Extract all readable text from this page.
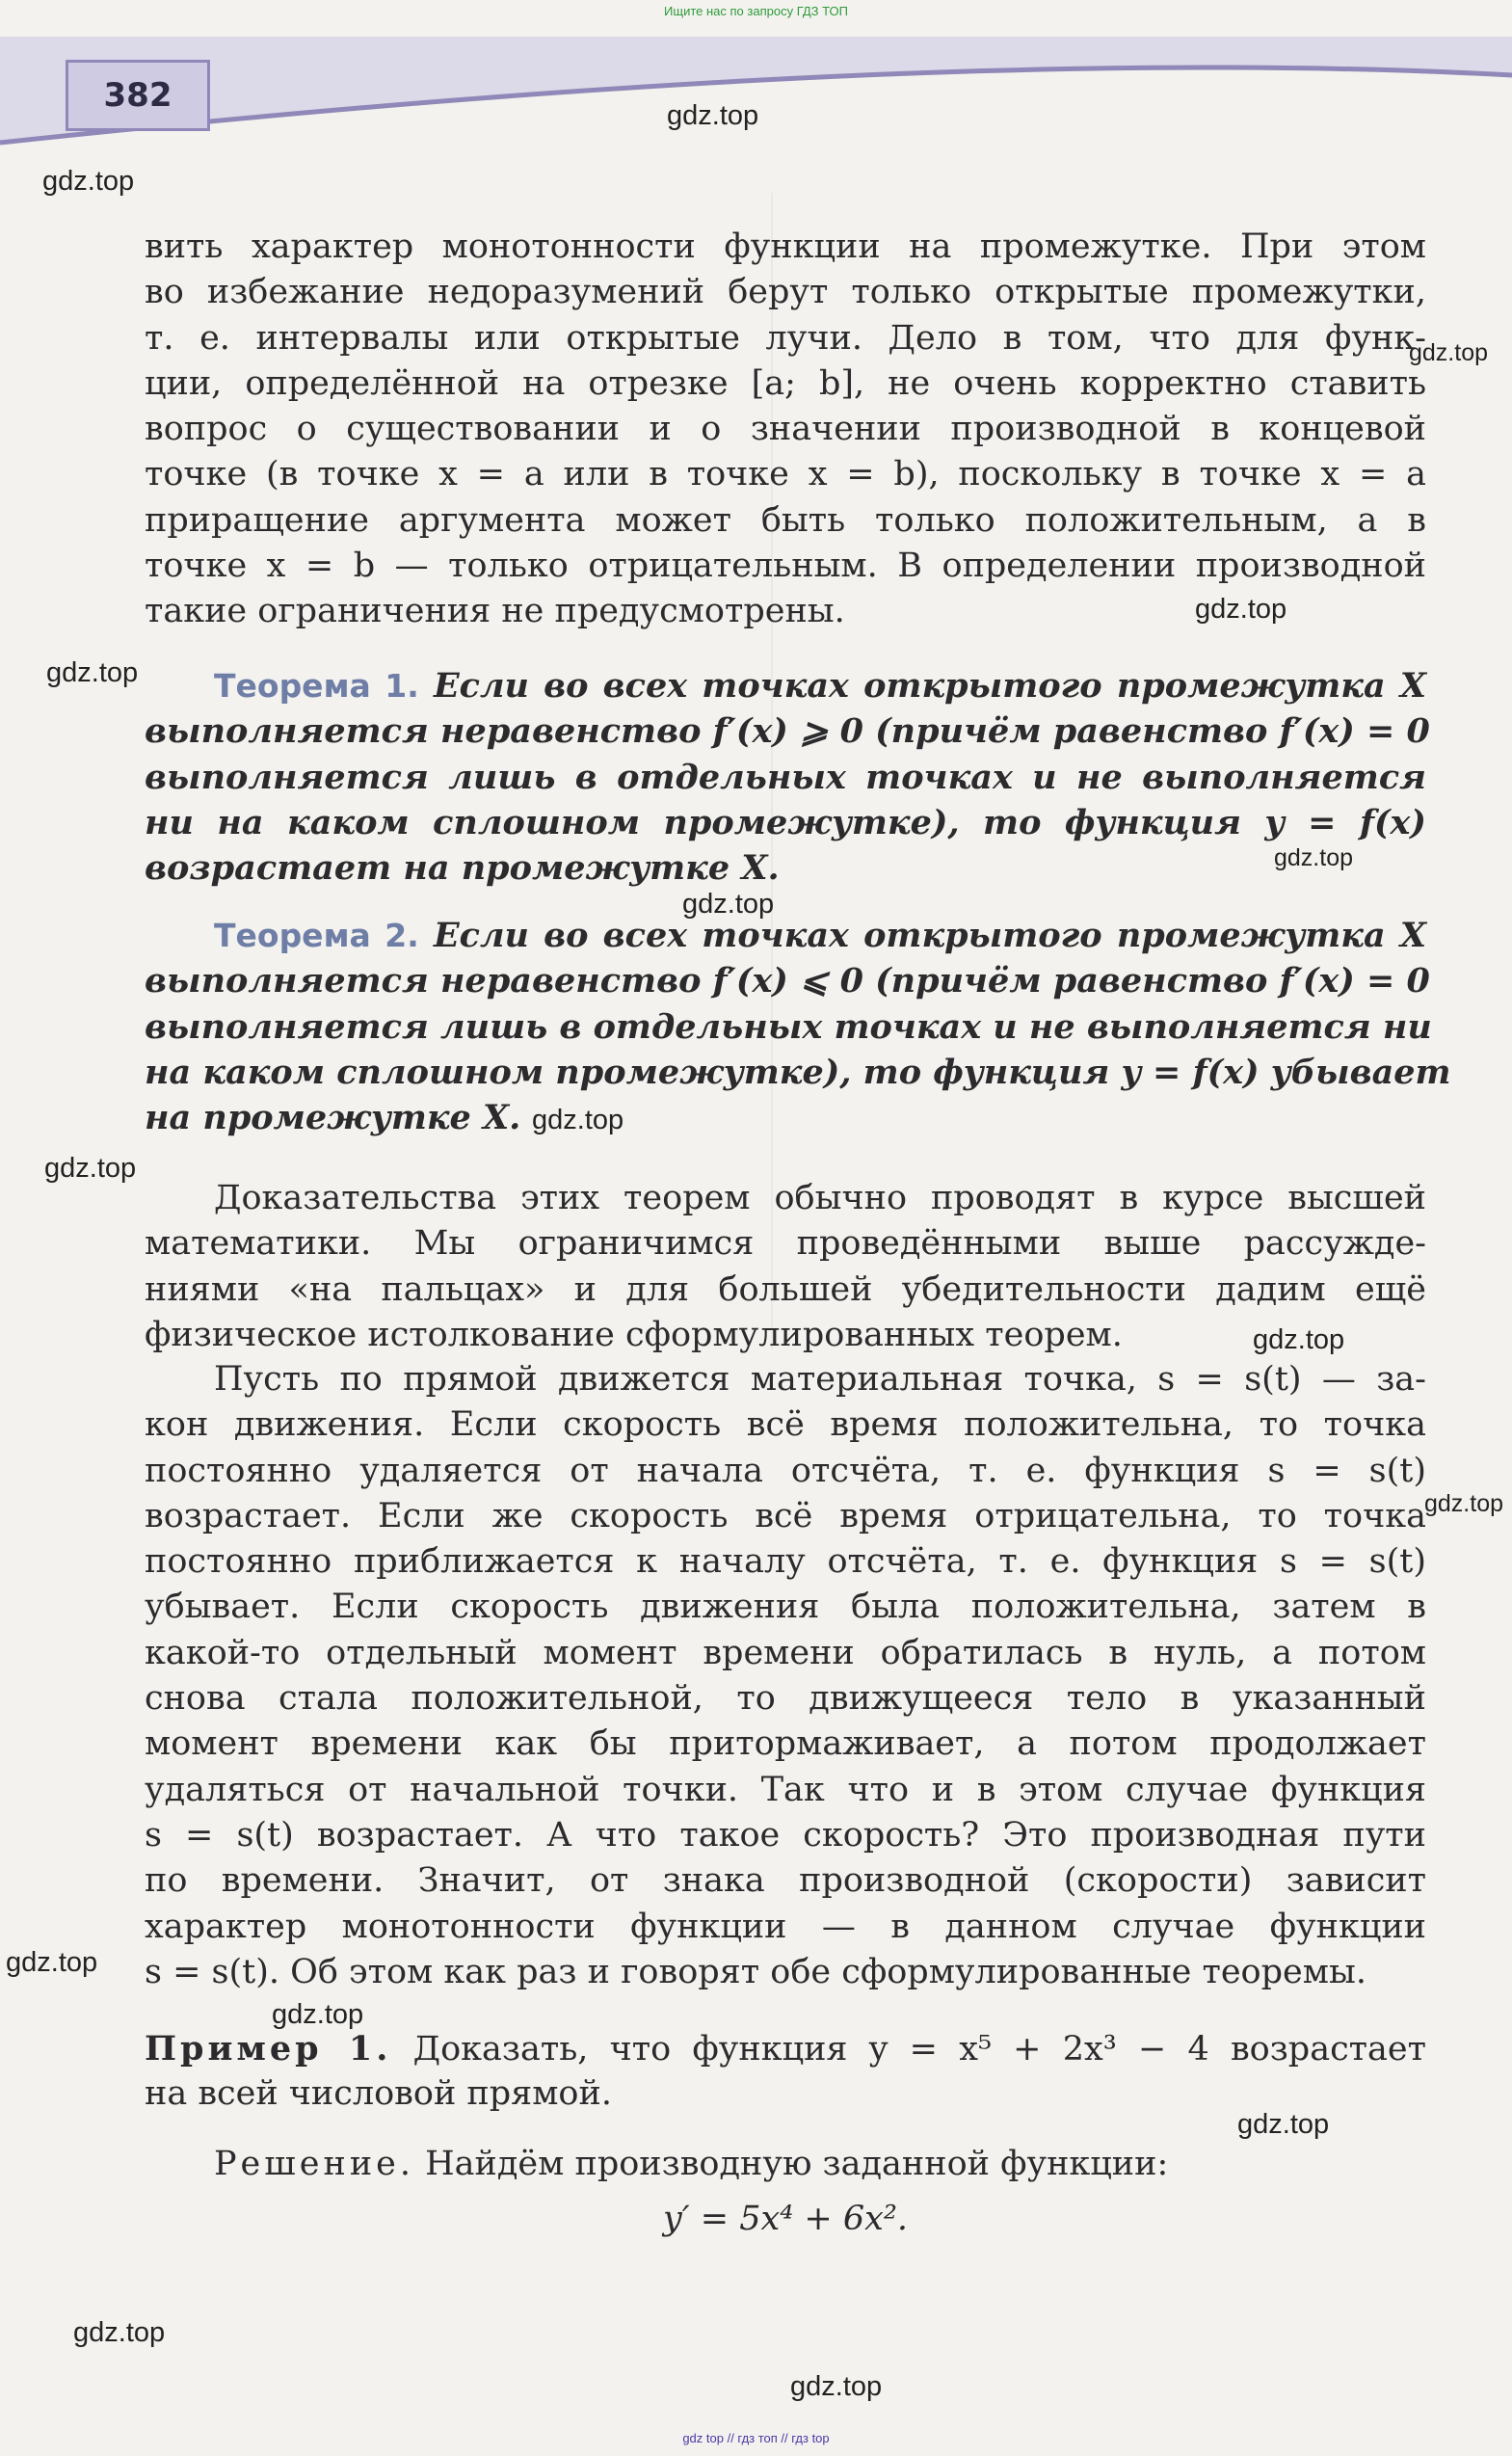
Ищите нас по запросу ГДЗ ТОП
382
gdz.top
gdz.top
gdz.top
gdz.top
gdz.top
gdz.top
gdz.top
gdz.top
gdz.top
gdz.top
gdz.top
gdz.top
gdz.top
gdz.top
gdz.top
gdz.top
вить характер монотонности функции на промежутке. При этом
во избежание недоразумений берут только открытые промежутки,
т. е. интервалы или открытые лучи. Дело в том, что для функ-
ции, определённой на отрезке [a; b], не очень корректно ставить
вопрос о существовании и о значении производной в концевой
точке (в точке x = a или в точке x = b), поскольку в точке x = a
приращение аргумента может быть только положительным, а в
точке x = b — только отрицательным. В определении производной
такие ограничения не предусмотрены.
Теорема 1. Если во всех точках открытого промежутка X
выполняется неравенство f′(x) ⩾ 0 (причём равенство f′(x) = 0
выполняется лишь в отдельных точках и не выполняется
ни на каком сплошном промежутке), то функция y = f(x)
возрастает на промежутке X.
Теорема 2. Если во всех точках открытого промежутка X
выполняется неравенство f′(x) ⩽ 0 (причём равенство f′(x) = 0
выполняется лишь в отдельных точках и не выполняется ни
на каком сплошном промежутке), то функция y = f(x) убывает
на промежутке X.
Доказательства этих теорем обычно проводят в курсе высшей
математики. Мы ограничимся проведёнными выше рассужде-
ниями «на пальцах» и для большей убедительности дадим ещё
физическое истолкование сформулированных теорем.
Пусть по прямой движется материальная точка, s = s(t) — за-
кон движения. Если скорость всё время положительна, то точка
постоянно удаляется от начала отсчёта, т. е. функция s = s(t)
возрастает. Если же скорость всё время отрицательна, то точка
постоянно приближается к началу отсчёта, т. е. функция s = s(t)
убывает. Если скорость движения была положительна, затем в
какой-то отдельный момент времени обратилась в нуль, а потом
снова стала положительной, то движущееся тело в указанный
момент времени как бы притормаживает, а потом продолжает
удаляться от начальной точки. Так что и в этом случае функция
s = s(t) возрастает. А что такое скорость? Это производная пути
по времени. Значит, от знака производной (скорости) зависит
характер монотонности функции — в данном случае функции
s = s(t). Об этом как раз и говорят обе сформулированные теоремы.
Пример 1. Доказать, что функция y = x⁵ + 2x³ − 4 возрастает
на всей числовой прямой.
Решение. Найдём производную заданной функции:
y′ = 5x⁴ + 6x².
gdz top // гдз топ // гдз top
